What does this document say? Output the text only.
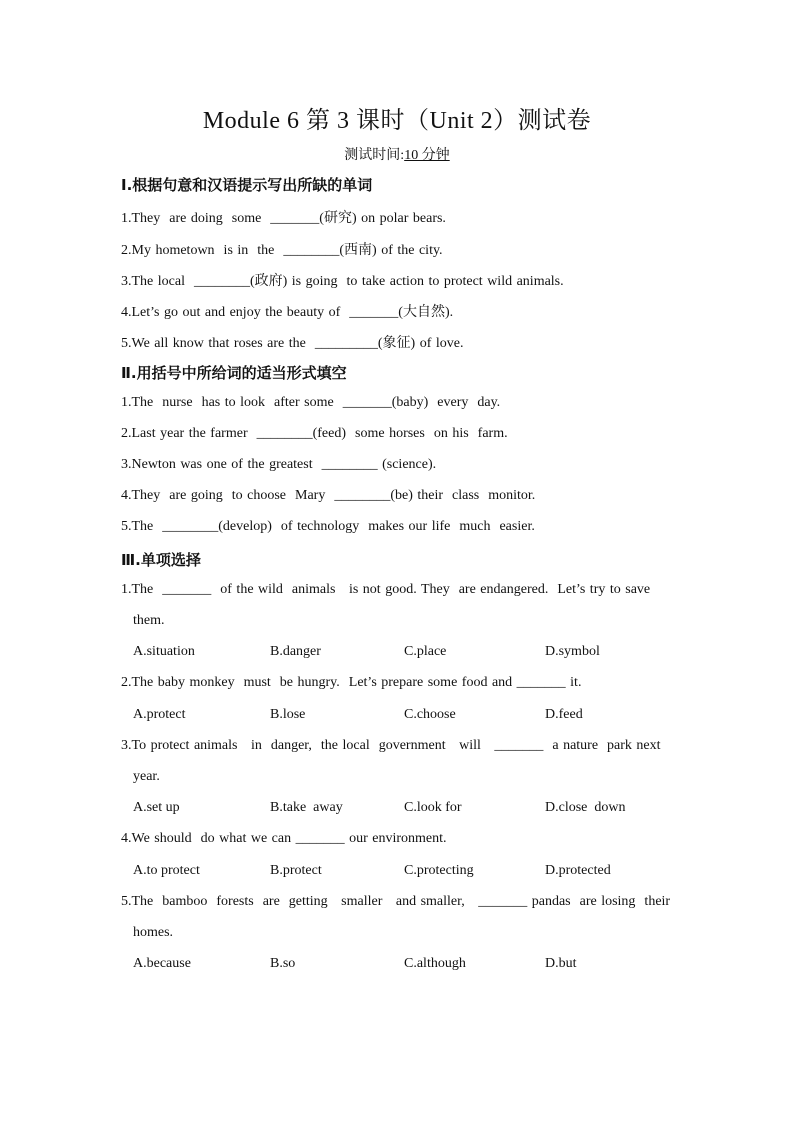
Module 6 第 3 课时（Unit 2）测试卷
测试时间:10 分钟
Ⅰ.根据句意和汉语提示写出所缺的单词
1.They  are doing  some  _______(研究) on polar bears.
2.My hometown  is in  the  ________(西南) of the city.
3.The local  ________(政府) is going  to take action to protect wild animals.
4.Let’s go out and enjoy the beauty of  _______(大自然).
5.We all know that roses are the  _________(象征) of love.
Ⅱ.用括号中所给词的适当形式填空
1.The  nurse  has to look  after some  _______(baby)  every  day.
2.Last year the farmer  ________(feed)  some horses  on his  farm.
3.Newton was one of the greatest  ________ (science).
4.They  are going  to choose  Mary  ________(be) their  class  monitor.
5.The  ________(develop)  of technology  makes our life  much  easier.
Ⅲ.单项选择
1.The  _______  of the wild  animals   is not good. They  are endangered.  Let’s try to save
them.
A.situation	B.danger	C.place	D.symbol
2.The baby monkey  must  be hungry.  Let’s prepare some food and _______ it.
A.protect	B.lose	C.choose	D.feed
3.To protect animals   in  danger,  the local  government   will   _______  a nature  park next
year.
A.set up	B.take  away	C.look for	D.close  down
4.We should  do what we can _______ our environment.
A.to protect	B.protect	C.protecting	D.protected
5.The  bamboo  forests  are  getting   smaller   and smaller,   _______ pandas  are losing  their
homes.
A.because	B.so	C.although	D.but
